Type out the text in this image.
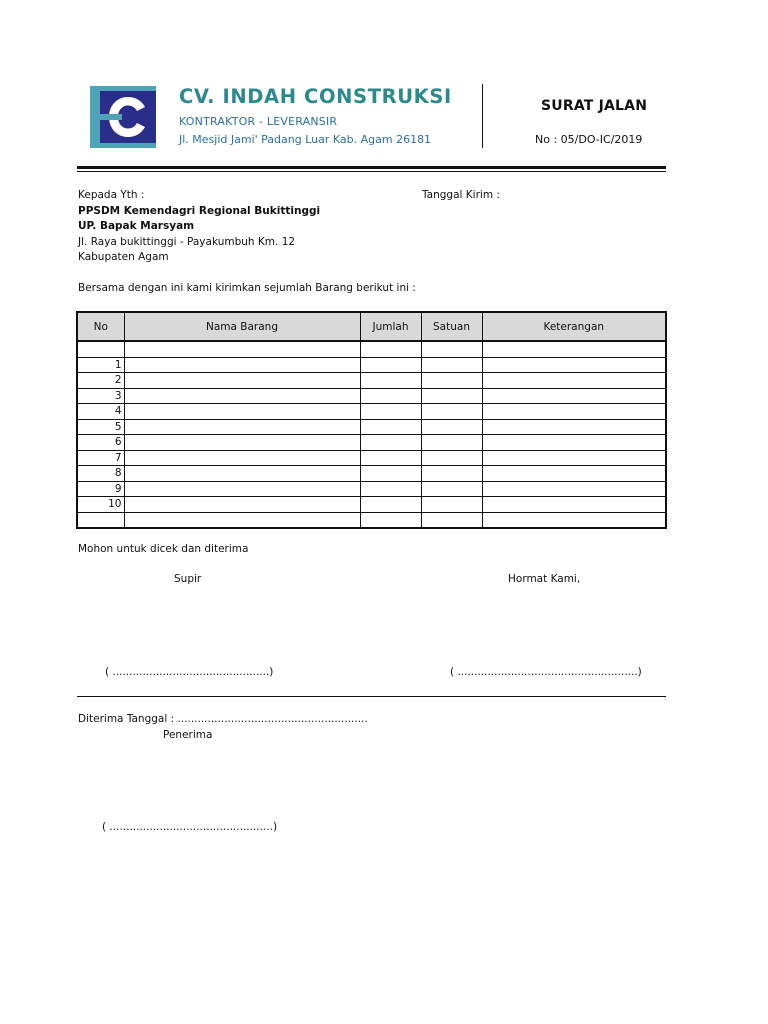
CV. INDAH CONSTRUKSI
KONTRAKTOR - LEVERANSIR
Jl. Mesjid Jami' Padang Luar Kab. Agam 26181
SURAT JALAN
No : 05/DO-IC/2019
Kepada Yth :	Tanggal Kirim :
PPSDM Kemendagri Regional Bukittinggi
UP. Bapak Marsyam
Jl. Raya bukittinggi - Payakumbuh Km. 12
Kabupaten Agam
Bersama dengan ini kami kirimkan sejumlah Barang berikut ini :
No	Nama Barang	Jumlah	Satuan	Keterangan

1				
2				
3				
4				
5				
6				
7				
8				
9				
10				

Mohon untuk dicek dan diterima
Supir	Hormat Kami,
( ...............................................)	( ......................................................)
Diterima Tanggal : .........................................................
Penerima
( .................................................)
